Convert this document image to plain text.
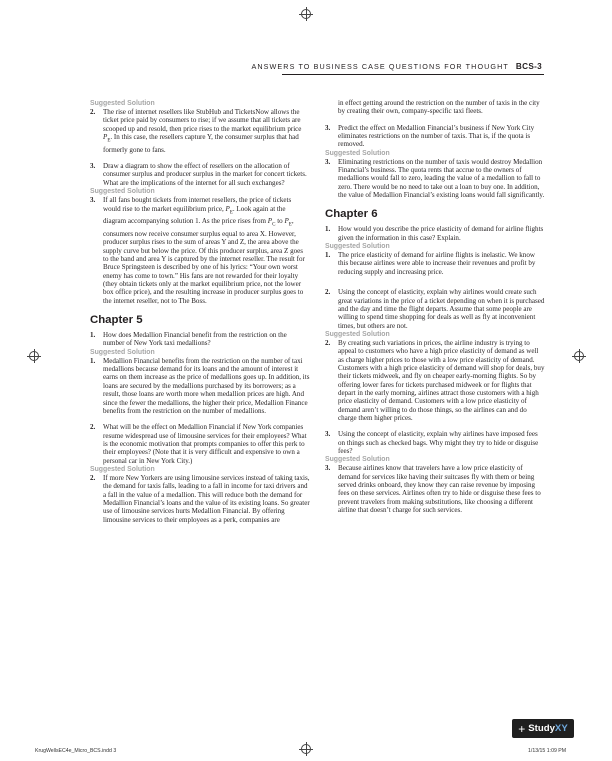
ANSWERS TO BUSINESS CASE QUESTIONS FOR THOUGHT BCS-3

Suggested Solution

2. The rise of internet resellers like StubHub and TicketsNow allows the ticket price paid by consumers to rise; if we assume that all tickets are scooped up and resold, then price rises to the market equilibrium price $P_E$. In this case, the resellers capture Y, the consumer surplus that had formerly gone to fans.

3. Draw a diagram to show the effect of resellers on the allocation of consumer surplus and producer surplus in the market for concert tickets. What are the implications of the internet for all such exchanges?

Suggested Solution

3. If all fans bought tickets from internet resellers, the price of tickets would rise to the market equilibrium price, $P_E$. Look again at the diagram accompanying solution 1. As the price rises from $P_C$ to $P_E$, consumers now receive consumer surplus equal to area X. However, producer surplus rises to the sum of areas Y and Z, the area above the supply curve but below the price. Of this producer surplus, area Z goes to the band and area Y is captured by the internet reseller. The result for Bruce Springsteen is described by one of his lyrics: “Your own worst enemy has come to town.” His fans are not rewarded for their loyalty (they obtain tickets only at the market equilibrium price, not the lower box office price), and the resulting increase in producer surplus goes to the internet reseller, not to The Boss.

Chapter 5

1. How does Medallion Financial benefit from the restriction on the number of New York taxi medallions?

Suggested Solution

1. Medallion Financial benefits from the restriction on the number of taxi medallions because demand for its loans and the amount of interest it earns on them increase as the price of medallions goes up. In addition, its loans are secured by the medallions purchased by its borrowers; as a result, those loans are worth more when medallion prices are high. And since the fewer the medallions, the higher their price, Medallion Finance benefits from the restriction on the number of medallions.

2. What will be the effect on Medallion Financial if New York companies resume widespread use of limousine services for their employees? What is the economic motivation that prompts companies to offer this perk to their employees? (Note that it is very difficult and expensive to own a personal car in New York City.)

Suggested Solution

2. If more New Yorkers are using limousine services instead of taking taxis, the demand for taxis falls, leading to a fall in income for taxi drivers and a fall in the value of a medallion. This will reduce both the demand for Medallion Financial’s loans and the value of its existing loans. So greater use of limousine services hurts Medallion Financial. By offering limousine services to their employees as a perk, companies are

in effect getting around the restriction on the number of taxis in the city by creating their own, company-specific taxi fleets.

3. Predict the effect on Medallion Financial’s business if New York City eliminates restrictions on the number of taxis. That is, if the quota is removed.

Suggested Solution

3. Eliminating restrictions on the number of taxis would destroy Medallion Financial’s business. The quota rents that accrue to the owners of medallions would fall to zero, leading the value of a medallion to fall to zero. There would be no need to take out a loan to buy one. In addition, the value of Medallion Financial’s existing loans would fall significantly.

Chapter 6

1. How would you describe the price elasticity of demand for airline flights given the information in this case? Explain.

Suggested Solution

1. The price elasticity of demand for airline flights is inelastic. We know this because airlines were able to increase their revenues and profit by reducing supply and increasing price.

2. Using the concept of elasticity, explain why airlines would create such great variations in the price of a ticket depending on when it is purchased and the day and time the flight departs. Assume that some people are willing to spend time shopping for deals as well as fly at inconvenient times, but others are not.

Suggested Solution

2. By creating such variations in prices, the airline industry is trying to appeal to customers who have a high price elasticity of demand as well as charge higher prices to those with a low price elasticity of demand. Customers with a high price elasticity of demand will shop for deals, buy their tickets midweek, and fly on cheaper early-morning flights. So by offering lower fares for tickets purchased midweek or for flights that depart in the early morning, airlines attract those customers with a high price elasticity of demand. Customers with a low price elasticity of demand aren’t willing to do those things, so the airlines can and do charge them higher prices.

3. Using the concept of elasticity, explain why airlines have imposed fees on things such as checked bags. Why might they try to hide or disguise fees?

Suggested Solution

3. Because airlines know that travelers have a low price elasticity of demand for services like having their suitcases fly with them or being served drinks onboard, they know they can raise revenue by imposing fees on these services. Airlines often try to hide or disguise these fees to prevent travelers from making substitutions, like choosing a different airline that doesn’t charge for such services.

KrugWellsEC4e_Micro_BCS.indd 3	1/13/15 1:09 PM
+ Study XY
